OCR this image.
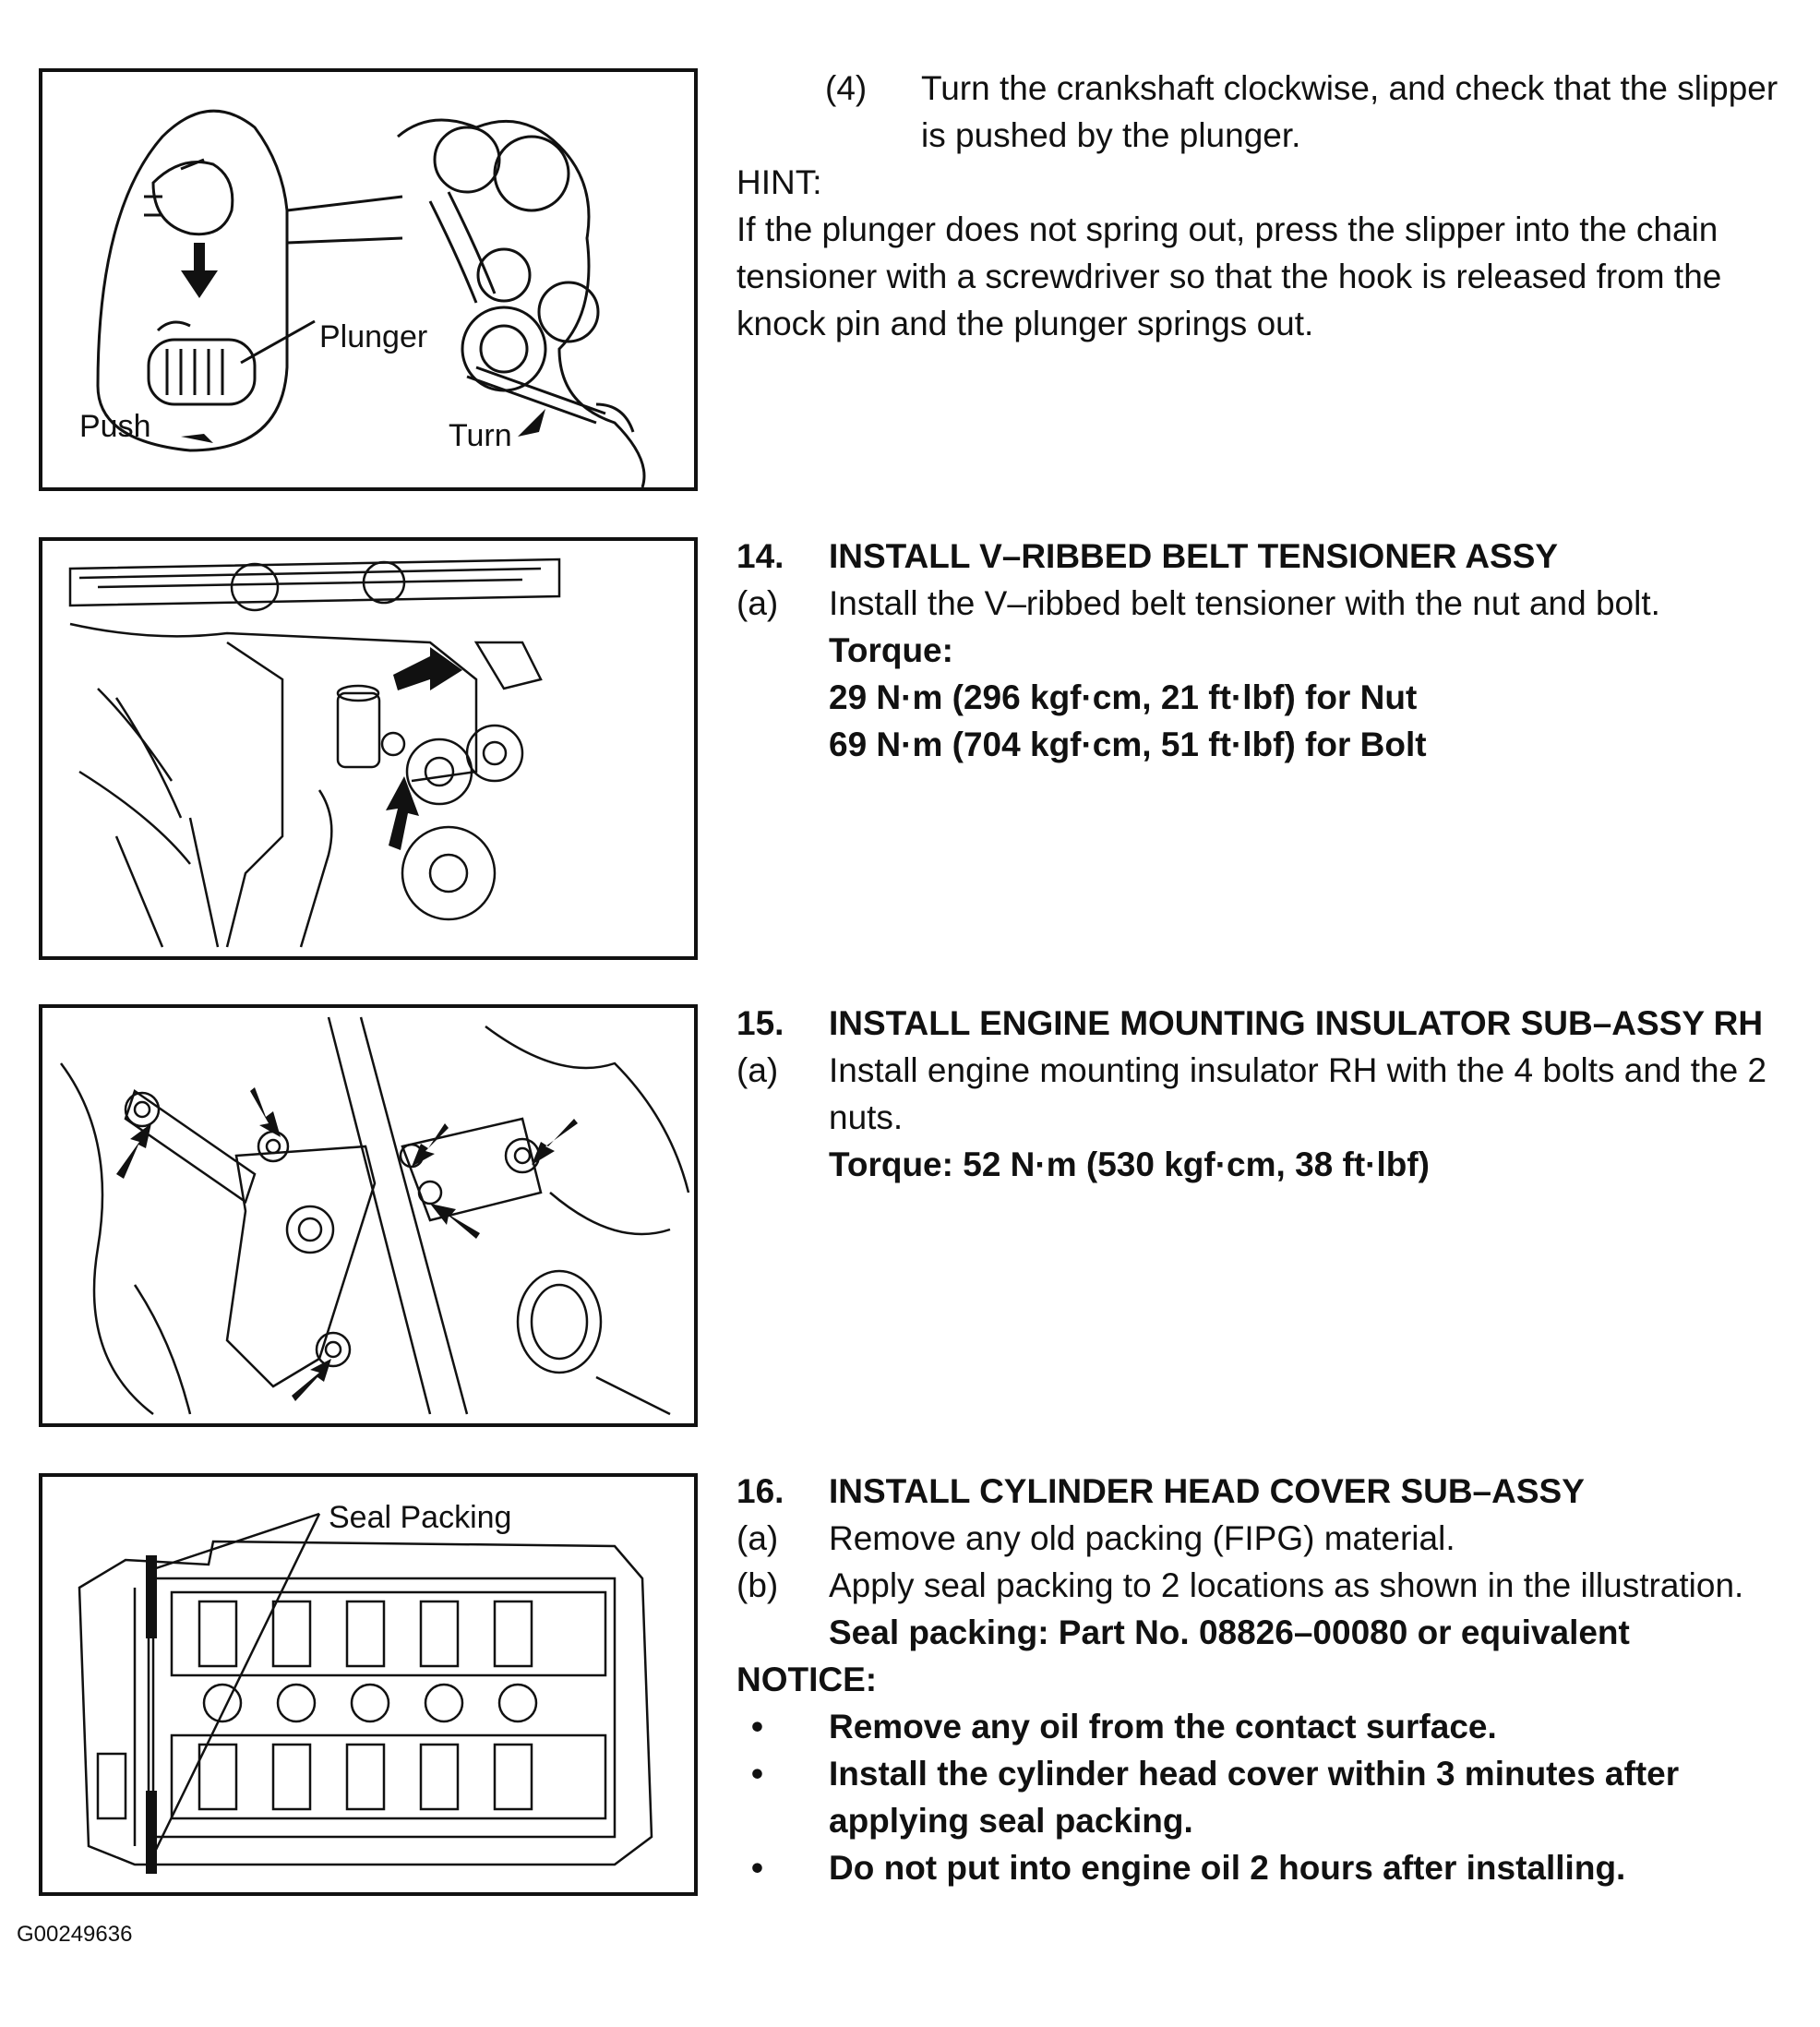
Plunger
Push	Turn
Seal Packing
(4)	Turn the crankshaft clockwise, and check that the slipper is pushed by the plunger.
HINT:
If the plunger does not spring out, press the slipper into the chain tensioner with a screwdriver so that the hook is released from the knock pin and the plunger springs out.
14.	INSTALL V–RIBBED BELT TENSIONER ASSY
(a)	Install the V–ribbed belt tensioner with the nut and bolt.
Torque:
29 N·m (296 kgf·cm, 21 ft·lbf) for Nut
69 N·m (704 kgf·cm, 51 ft·lbf) for Bolt
15.	INSTALL ENGINE MOUNTING INSULATOR SUB–ASSY RH
(a)	Install engine mounting insulator RH with the 4 bolts and the 2 nuts.
Torque: 52 N·m (530 kgf·cm, 38 ft·lbf)
16.	INSTALL CYLINDER HEAD COVER SUB–ASSY
(a)	Remove any old packing (FIPG) material.
(b)	Apply seal packing to 2 locations as shown in the illustration.
Seal packing: Part No. 08826–00080 or equivalent
NOTICE:
•	Remove any oil from the contact surface.
•	Install the cylinder head cover within 3 minutes after applying seal packing.
•	Do not put into engine oil 2 hours after installing.
G00249636
